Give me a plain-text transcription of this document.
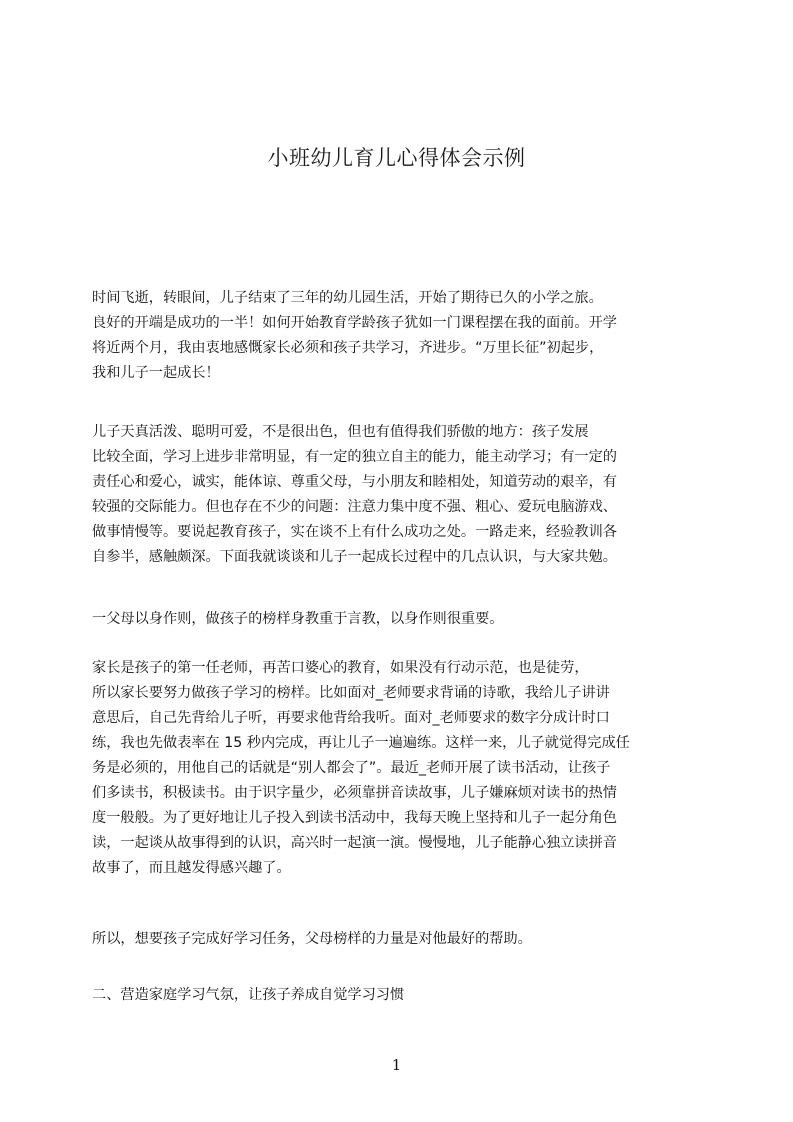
小班幼儿育儿心得体会示例
时间飞逝，转眼间，儿子结束了三年的幼儿园生活，开始了期待已久的小学之旅。
良好的开端是成功的一半！如何开始教育学龄孩子犹如一门课程摆在我的面前。开学
将近两个月，我由衷地感慨家长必须和孩子共学习，齐进步。“万里长征”初起步，
我和儿子一起成长！
儿子天真活泼、聪明可爱，不是很出色，但也有值得我们骄傲的地方：孩子发展
比较全面，学习上进步非常明显，有一定的独立自主的能力，能主动学习；有一定的
责任心和爱心，诚实，能体谅、尊重父母，与小朋友和睦相处，知道劳动的艰辛，有
较强的交际能力。但也存在不少的问题：注意力集中度不强、粗心、爱玩电脑游戏、
做事情慢等。要说起教育孩子，实在谈不上有什么成功之处。一路走来，经验教训各
自参半，感触颇深。下面我就谈谈和儿子一起成长过程中的几点认识，与大家共勉。
一父母以身作则，做孩子的榜样身教重于言教，以身作则很重要。
家长是孩子的第一任老师，再苦口婆心的教育，如果没有行动示范，也是徒劳，
所以家长要努力做孩子学习的榜样。比如面对_老师要求背诵的诗歌，我给儿子讲讲
意思后，自己先背给儿子听，再要求他背给我听。面对_老师要求的数字分成计时口
练，我也先做表率在 15 秒内完成，再让儿子一遍遍练。这样一来，儿子就觉得完成任
务是必须的，用他自己的话就是“别人都会了”。最近_老师开展了读书活动，让孩子
们多读书，积极读书。由于识字量少，必须靠拼音读故事，儿子嫌麻烦对读书的热情
度一般般。为了更好地让儿子投入到读书活动中，我每天晚上坚持和儿子一起分角色
读，一起谈从故事得到的认识，高兴时一起演一演。慢慢地，儿子能静心独立读拼音
故事了，而且越发得感兴趣了。
所以，想要孩子完成好学习任务，父母榜样的力量是对他最好的帮助。
二、营造家庭学习气氛，让孩子养成自觉学习习惯
1
